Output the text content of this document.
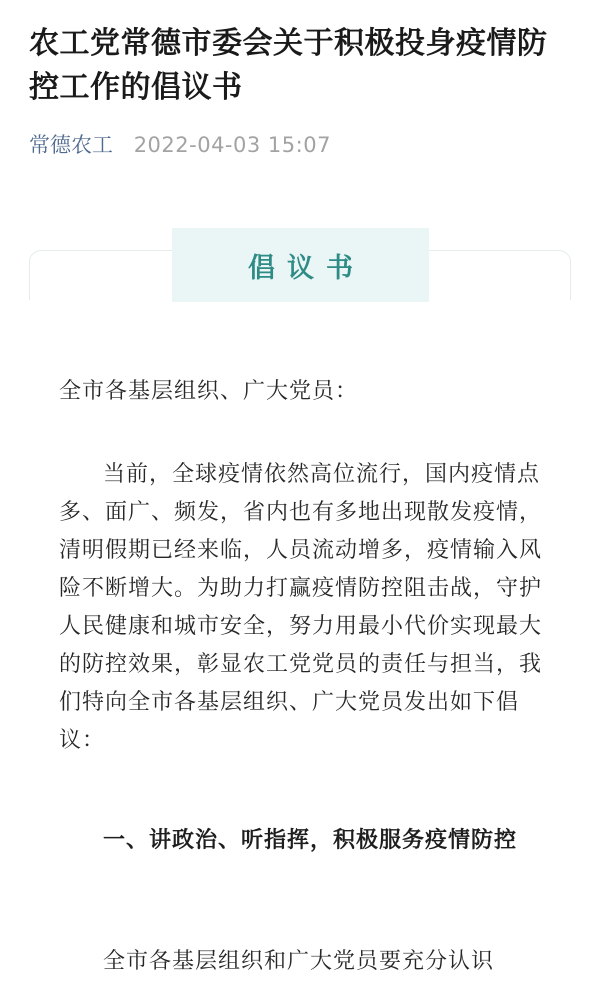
农工党常德市委会关于积极投身疫情防控工作的倡议书
常德农工 2022-04-03 15:07
倡议书

全市各基层组织、广大党员：

当前，全球疫情依然高位流行，国内疫情点多、面广、频发，省内也有多地出现散发疫情，清明假期已经来临，人员流动增多，疫情输入风险不断增大。为助力打赢疫情防控阻击战，守护人民健康和城市安全，努力用最小代价实现最大的防控效果，彰显农工党党员的责任与担当，我们特向全市各基层组织、广大党员发出如下倡议：

一、讲政治、听指挥，积极服务疫情防控

全市各基层组织和广大党员要充分认识
